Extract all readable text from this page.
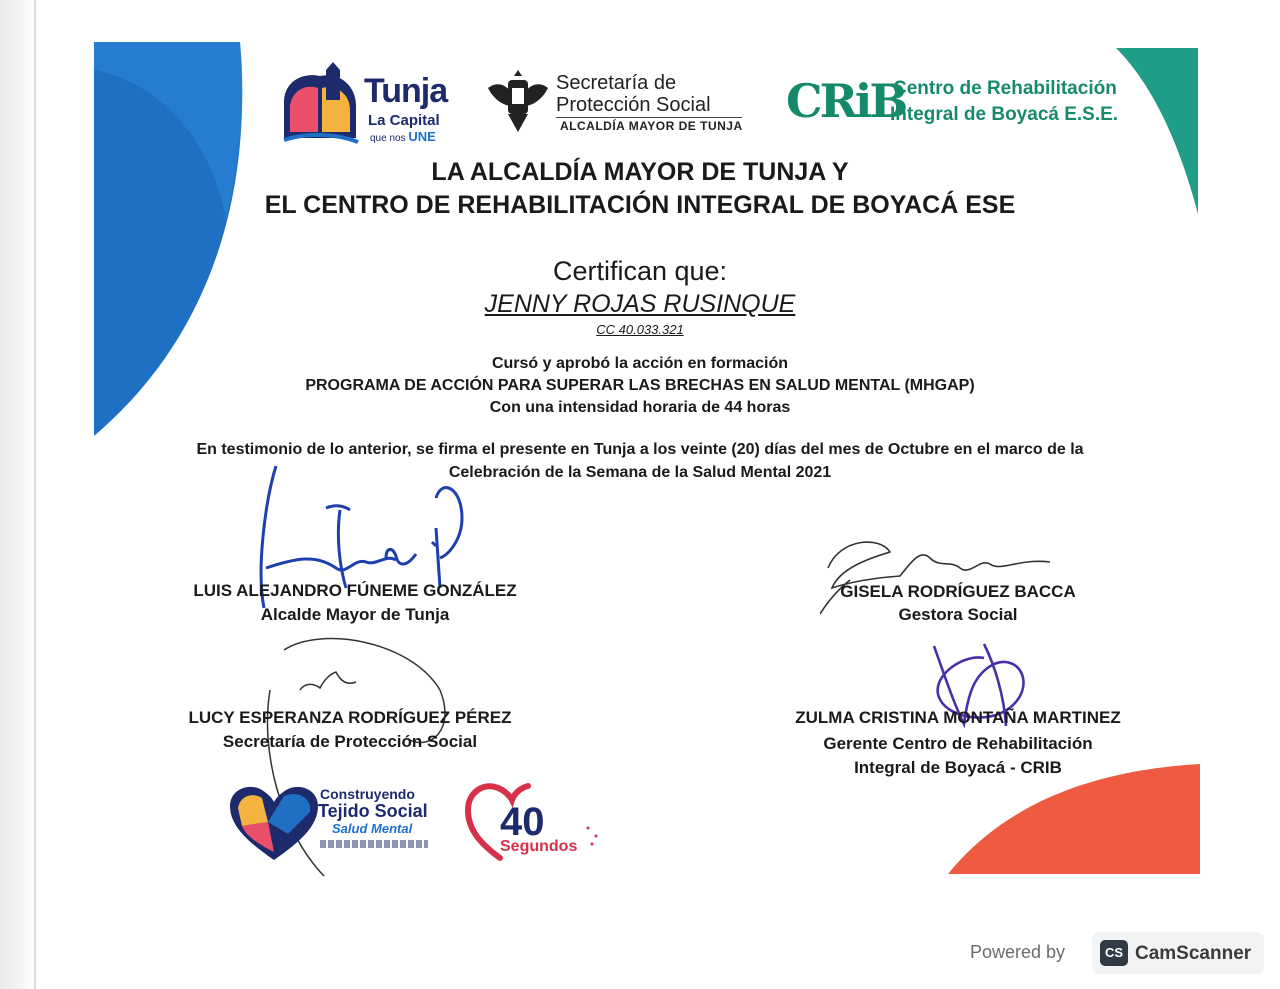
Tunja
La Capital
que nos UNE
Secretaría de
Protección Social
ALCALDÍA MAYOR DE TUNJA CRiB
Centro de Rehabilitación
Integral de Boyacá E.S.E.
LA ALCALDÍA MAYOR DE TUNJA Y
EL CENTRO DE REHABILITACIÓN INTEGRAL DE BOYACÁ ESE
Certifican que:
JENNY ROJAS RUSINQUE
CC 40.033.321
Cursó y aprobó la acción en formación
PROGRAMA DE ACCIÓN PARA SUPERAR LAS BRECHAS EN SALUD MENTAL (MHGAP)
Con una intensidad horaria de 44 horas
En testimonio de lo anterior, se firma el presente en Tunja a los veinte (20) días del mes de Octubre en el marco de la
Celebración de la Semana de la Salud Mental 2021
LUIS ALEJANDRO FÚNEME GONZÁLEZ
Alcalde Mayor de Tunja
GISELA RODRÍGUEZ BACCA
Gestora Social
LUCY ESPERANZA RODRÍGUEZ PÉREZ
Secretaría de Protección Social
ZULMA CRISTINA MONTAÑA MARTINEZ
Gerente Centro de Rehabilitación
Integral de Boyacá - CRIB
Construyendo
Tejido Social
Salud Mental 40
Segundos
Powered by	CS CamScanner
